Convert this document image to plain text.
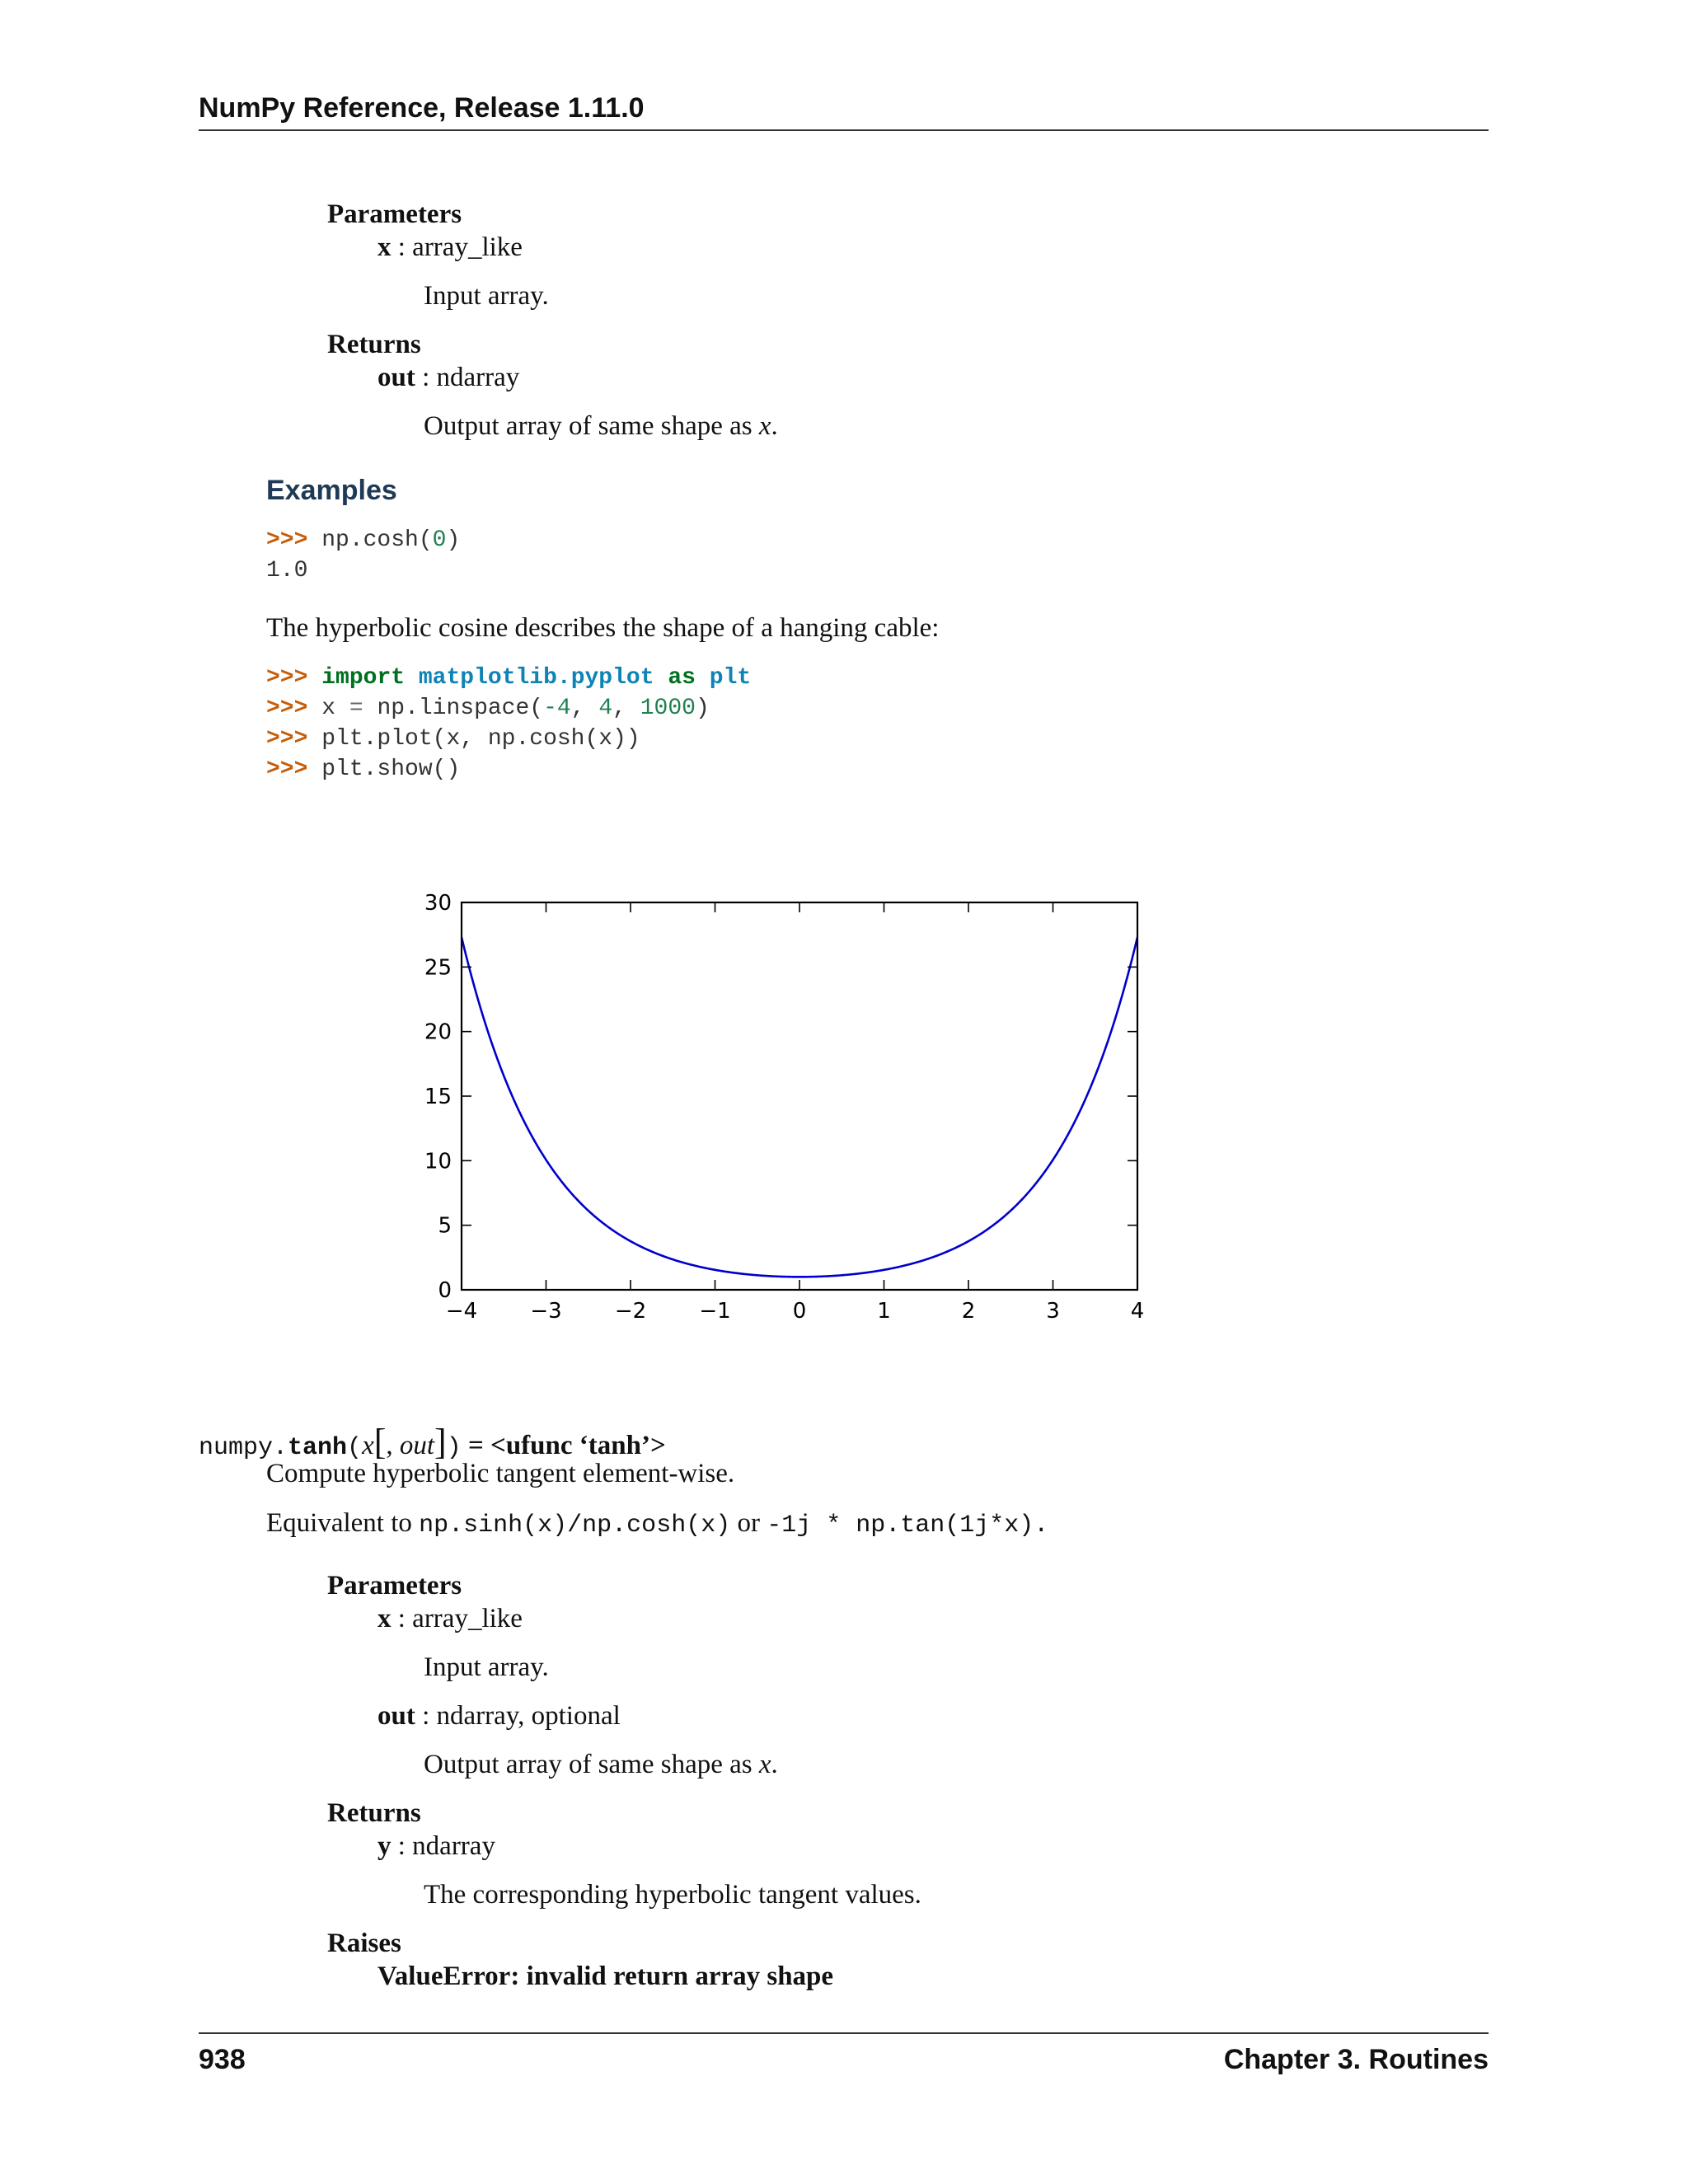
NumPy Reference, Release 1.11.0
Parameters
x : array_like
Input array.
Returns
out : ndarray
Output array of same shape as x.
Examples
>>> np.cosh(0)
1.0
The hyperbolic cosine describes the shape of a hanging cable:
>>> import matplotlib.pyplot as plt
>>> x = np.linspace(-4, 4, 1000)
>>> plt.plot(x, np.cosh(x))
>>> plt.show()
−4 −3 −2 −1	0	1	2	3	4
0
5
10
15
20
25
30
numpy.tanh(x[, out]) = <ufunc ‘tanh’>
Compute hyperbolic tangent element-wise.
Equivalent to np.sinh(x)/np.cosh(x) or -1j * np.tan(1j*x).
Parameters
x : array_like
Input array.
out : ndarray, optional
Output array of same shape as x.
Returns
y : ndarray
The corresponding hyperbolic tangent values.
Raises
ValueError: invalid return array shape
938	Chapter 3. Routines
